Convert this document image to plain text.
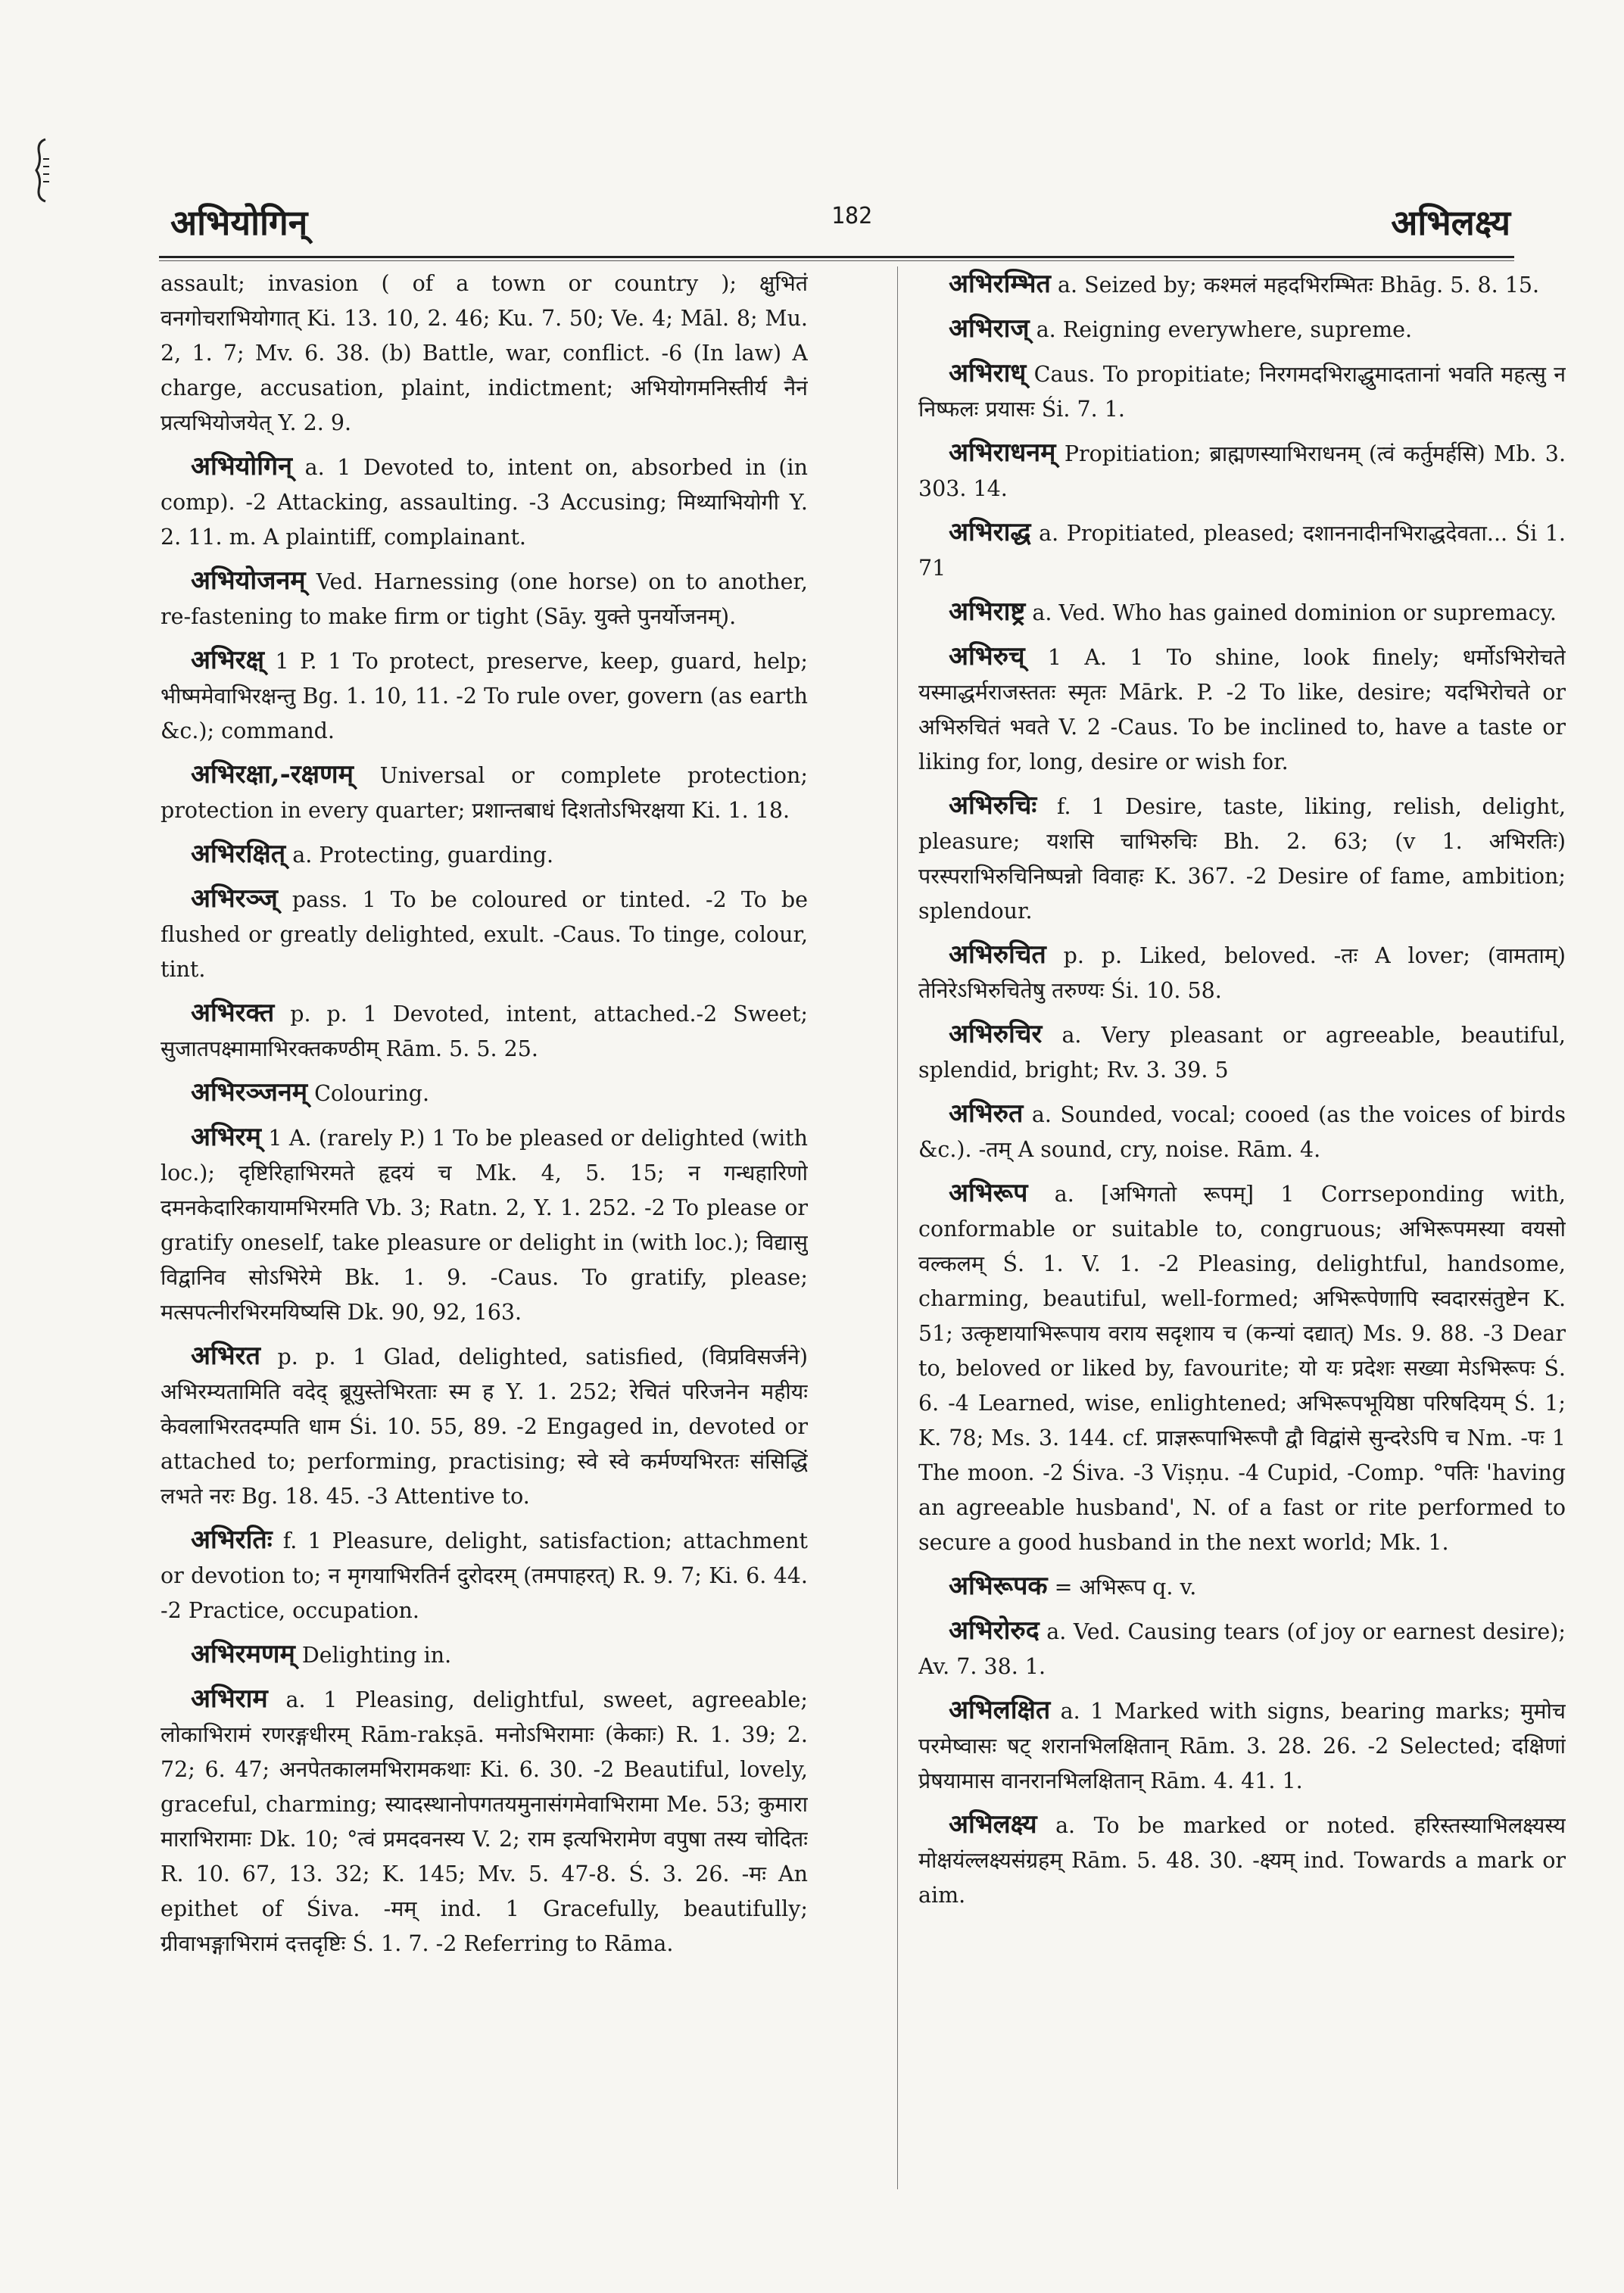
अभियोगिन्	182	अभिलक्ष्य

assault; invasion ( of a town or country ); क्षुभितं वनगोचराभियोगात् Ki. 13. 10, 2. 46; Ku. 7. 50; Ve. 4; Māl. 8; Mu. 2, 1. 7; Mv. 6. 38. (b) Battle, war, conflict. -6 (In law) A charge, accusation, plaint, indictment; अभियोगमनिस्तीर्य नैनं प्रत्यभियोजयेत् Y. 2. 9.

अभियोगिन् a. 1 Devoted to, intent on, absorbed in (in comp). -2 Attacking, assaulting. -3 Accusing; मिथ्याभियोगी Y. 2. 11. m. A plaintiff, complainant.

अभियोजनम् Ved. Harnessing (one horse) on to another, re-fastening to make firm or tight (Sāy. युक्ते पुनर्योजनम्).

अभिरक्ष् 1 P. 1 To protect, preserve, keep, guard, help; भीष्ममेवाभिरक्षन्तु Bg. 1. 10, 11. -2 To rule over, govern (as earth &c.); command.

अभिरक्षा,-रक्षणम् Universal or complete protection; protection in every quarter; प्रशान्तबाधं दिशतोऽभिरक्षया Ki. 1. 18.

अभिरक्षित् a. Protecting, guarding.

अभिरञ्ज् pass. 1 To be coloured or tinted. -2 To be flushed or greatly delighted, exult. -Caus. To tinge, colour, tint.

अभिरक्त p. p. 1 Devoted, intent, attached.-2 Sweet; सुजातपक्ष्मामाभिरक्तकण्ठीम् Rām. 5. 5. 25.

अभिरञ्जनम् Colouring.

अभिरम् 1 A. (rarely P.) 1 To be pleased or delighted (with loc.); दृष्टिरिहाभिरमते हृदयं च Mk. 4, 5. 15; न गन्धहारिणो दमनकेदारिकायामभिरमति Vb. 3; Ratn. 2, Y. 1. 252. -2 To please or gratify oneself, take pleasure or delight in (with loc.); विद्यासु विद्वानिव सोऽभिरेमे Bk. 1. 9. -Caus. To gratify, please; मत्सपत्नीरभिरमयिष्यसि Dk. 90, 92, 163.

अभिरत p. p. 1 Glad, delighted, satisfied, (विप्रविसर्जने) अभिरम्यतामिति वदेद् ब्रूयुस्तेभिरताः स्म ह Y. 1. 252; रेचितं परिजनेन महीयः केवलाभिरतदम्पति धाम Śi. 10. 55, 89. -2 Engaged in, devoted or attached to; performing, practising; स्वे स्वे कर्मण्यभिरतः संसिद्धिं लभते नरः Bg. 18. 45. -3 Attentive to.

अभिरतिः f. 1 Pleasure, delight, satisfaction; attachment or devotion to; न मृगयाभिरतिर्न दुरोदरम् (तमपाहरत्) R. 9. 7; Ki. 6. 44. -2 Practice, occupation.

अभिरमणम् Delighting in.

अभिराम a. 1 Pleasing, delightful, sweet, agreeable; लोकाभिरामं रणरङ्गधीरम् Rām-rakṣā. मनोऽभिरामाः (केकाः) R. 1. 39; 2. 72; 6. 47; अनपेतकालमभिरामकथाः Ki. 6. 30. -2 Beautiful, lovely, graceful, charming; स्यादस्थानोपगतयमुनासंगमेवाभिरामा Me. 53; कुमारा माराभिरामाः Dk. 10; °त्वं प्रमदवनस्य V. 2; राम इत्यभिरामेण वपुषा तस्य चोदितः R. 10. 67, 13. 32; K. 145; Mv. 5. 47-8. Ś. 3. 26. -मः An epithet of Śiva. -मम् ind. 1 Gracefully, beautifully; ग्रीवाभङ्गाभिरामं दत्तदृष्टिः Ś. 1. 7. -2 Referring to Rāma.

अभिरम्भित a. Seized by; कश्मलं महदभिरम्भितः Bhāg. 5. 8. 15.

अभिराज् a. Reigning everywhere, supreme.

अभिराध् Caus. To propitiate; निरगमदभिराद्धुमादतानां भवति महत्सु न निष्फलः प्रयासः Śi. 7. 1.

अभिराधनम् Propitiation; ब्राह्मणस्याभिराधनम् (त्वं कर्तुमर्हसि) Mb. 3. 303. 14.

अभिराद्ध a. Propitiated, pleased; दशाननादीनभिराद्धदेवता... Śi 1. 71

अभिराष्ट्र a. Ved. Who has gained dominion or supremacy.

अभिरुच् 1 A. 1 To shine, look finely; धर्मोऽभिरोचते यस्माद्धर्मराजस्ततः स्मृतः Mārk. P. -2 To like, desire; यदभिरोचते or अभिरुचितं भवते V. 2 -Caus. To be inclined to, have a taste or liking for, long, desire or wish for.

अभिरुचिः f. 1 Desire, taste, liking, relish, delight, pleasure; यशसि चाभिरुचिः Bh. 2. 63; (v 1. अभिरतिः) परस्पराभिरुचिनिष्पन्नो विवाहः K. 367. -2 Desire of fame, ambition; splendour.

अभिरुचित p. p. Liked, beloved. -तः A lover; (वामताम्) तेनिरेऽभिरुचितेषु तरुण्यः Śi. 10. 58.

अभिरुचिर a. Very pleasant or agreeable, beautiful, splendid, bright; Rv. 3. 39. 5

अभिरुत a. Sounded, vocal; cooed (as the voices of birds &c.). -तम् A sound, cry, noise. Rām. 4.

अभिरूप a. [अभिगतो रूपम्] 1 Corrseponding with, conformable or suitable to, congruous; अभिरूपमस्या वयसो वल्कलम् Ś. 1. V. 1. -2 Pleasing, delightful, handsome, charming, beautiful, well-formed; अभिरूपेणापि स्वदारसंतुष्टेन K. 51; उत्कृष्टायाभिरूपाय वराय सदृशाय च (कन्यां दद्यात्) Ms. 9. 88. -3 Dear to, beloved or liked by, favourite; यो यः प्रदेशः सख्या मेऽभिरूपः Ś. 6. -4 Learned, wise, enlightened; अभिरूपभूयिष्ठा परिषदियम् Ś. 1; K. 78; Ms. 3. 144. cf. प्राज्ञरूपाभिरूपौ द्वौ विद्वांसे सुन्दरेऽपि च Nm. -पः 1 The moon. -2 Śiva. -3 Viṣṇu. -4 Cupid, -Comp. °पतिः 'having an agreeable husband', N. of a fast or rite performed to secure a good husband in the next world; Mk. 1.

अभिरूपक = अभिरूप q. v.

अभिरोरुद a. Ved. Causing tears (of joy or earnest desire); Av. 7. 38. 1.

अभिलक्षित a. 1 Marked with signs, bearing marks; मुमोच परमेष्वासः षट् शरानभिलक्षितान् Rām. 3. 28. 26. -2 Selected; दक्षिणां प्रेषयामास वानरानभिलक्षितान् Rām. 4. 41. 1.

अभिलक्ष्य a. To be marked or noted. हरिस्तस्याभिलक्ष्यस्य मोक्षयंल्लक्ष्यसंग्रहम् Rām. 5. 48. 30. -क्ष्यम् ind. Towards a mark or aim.
